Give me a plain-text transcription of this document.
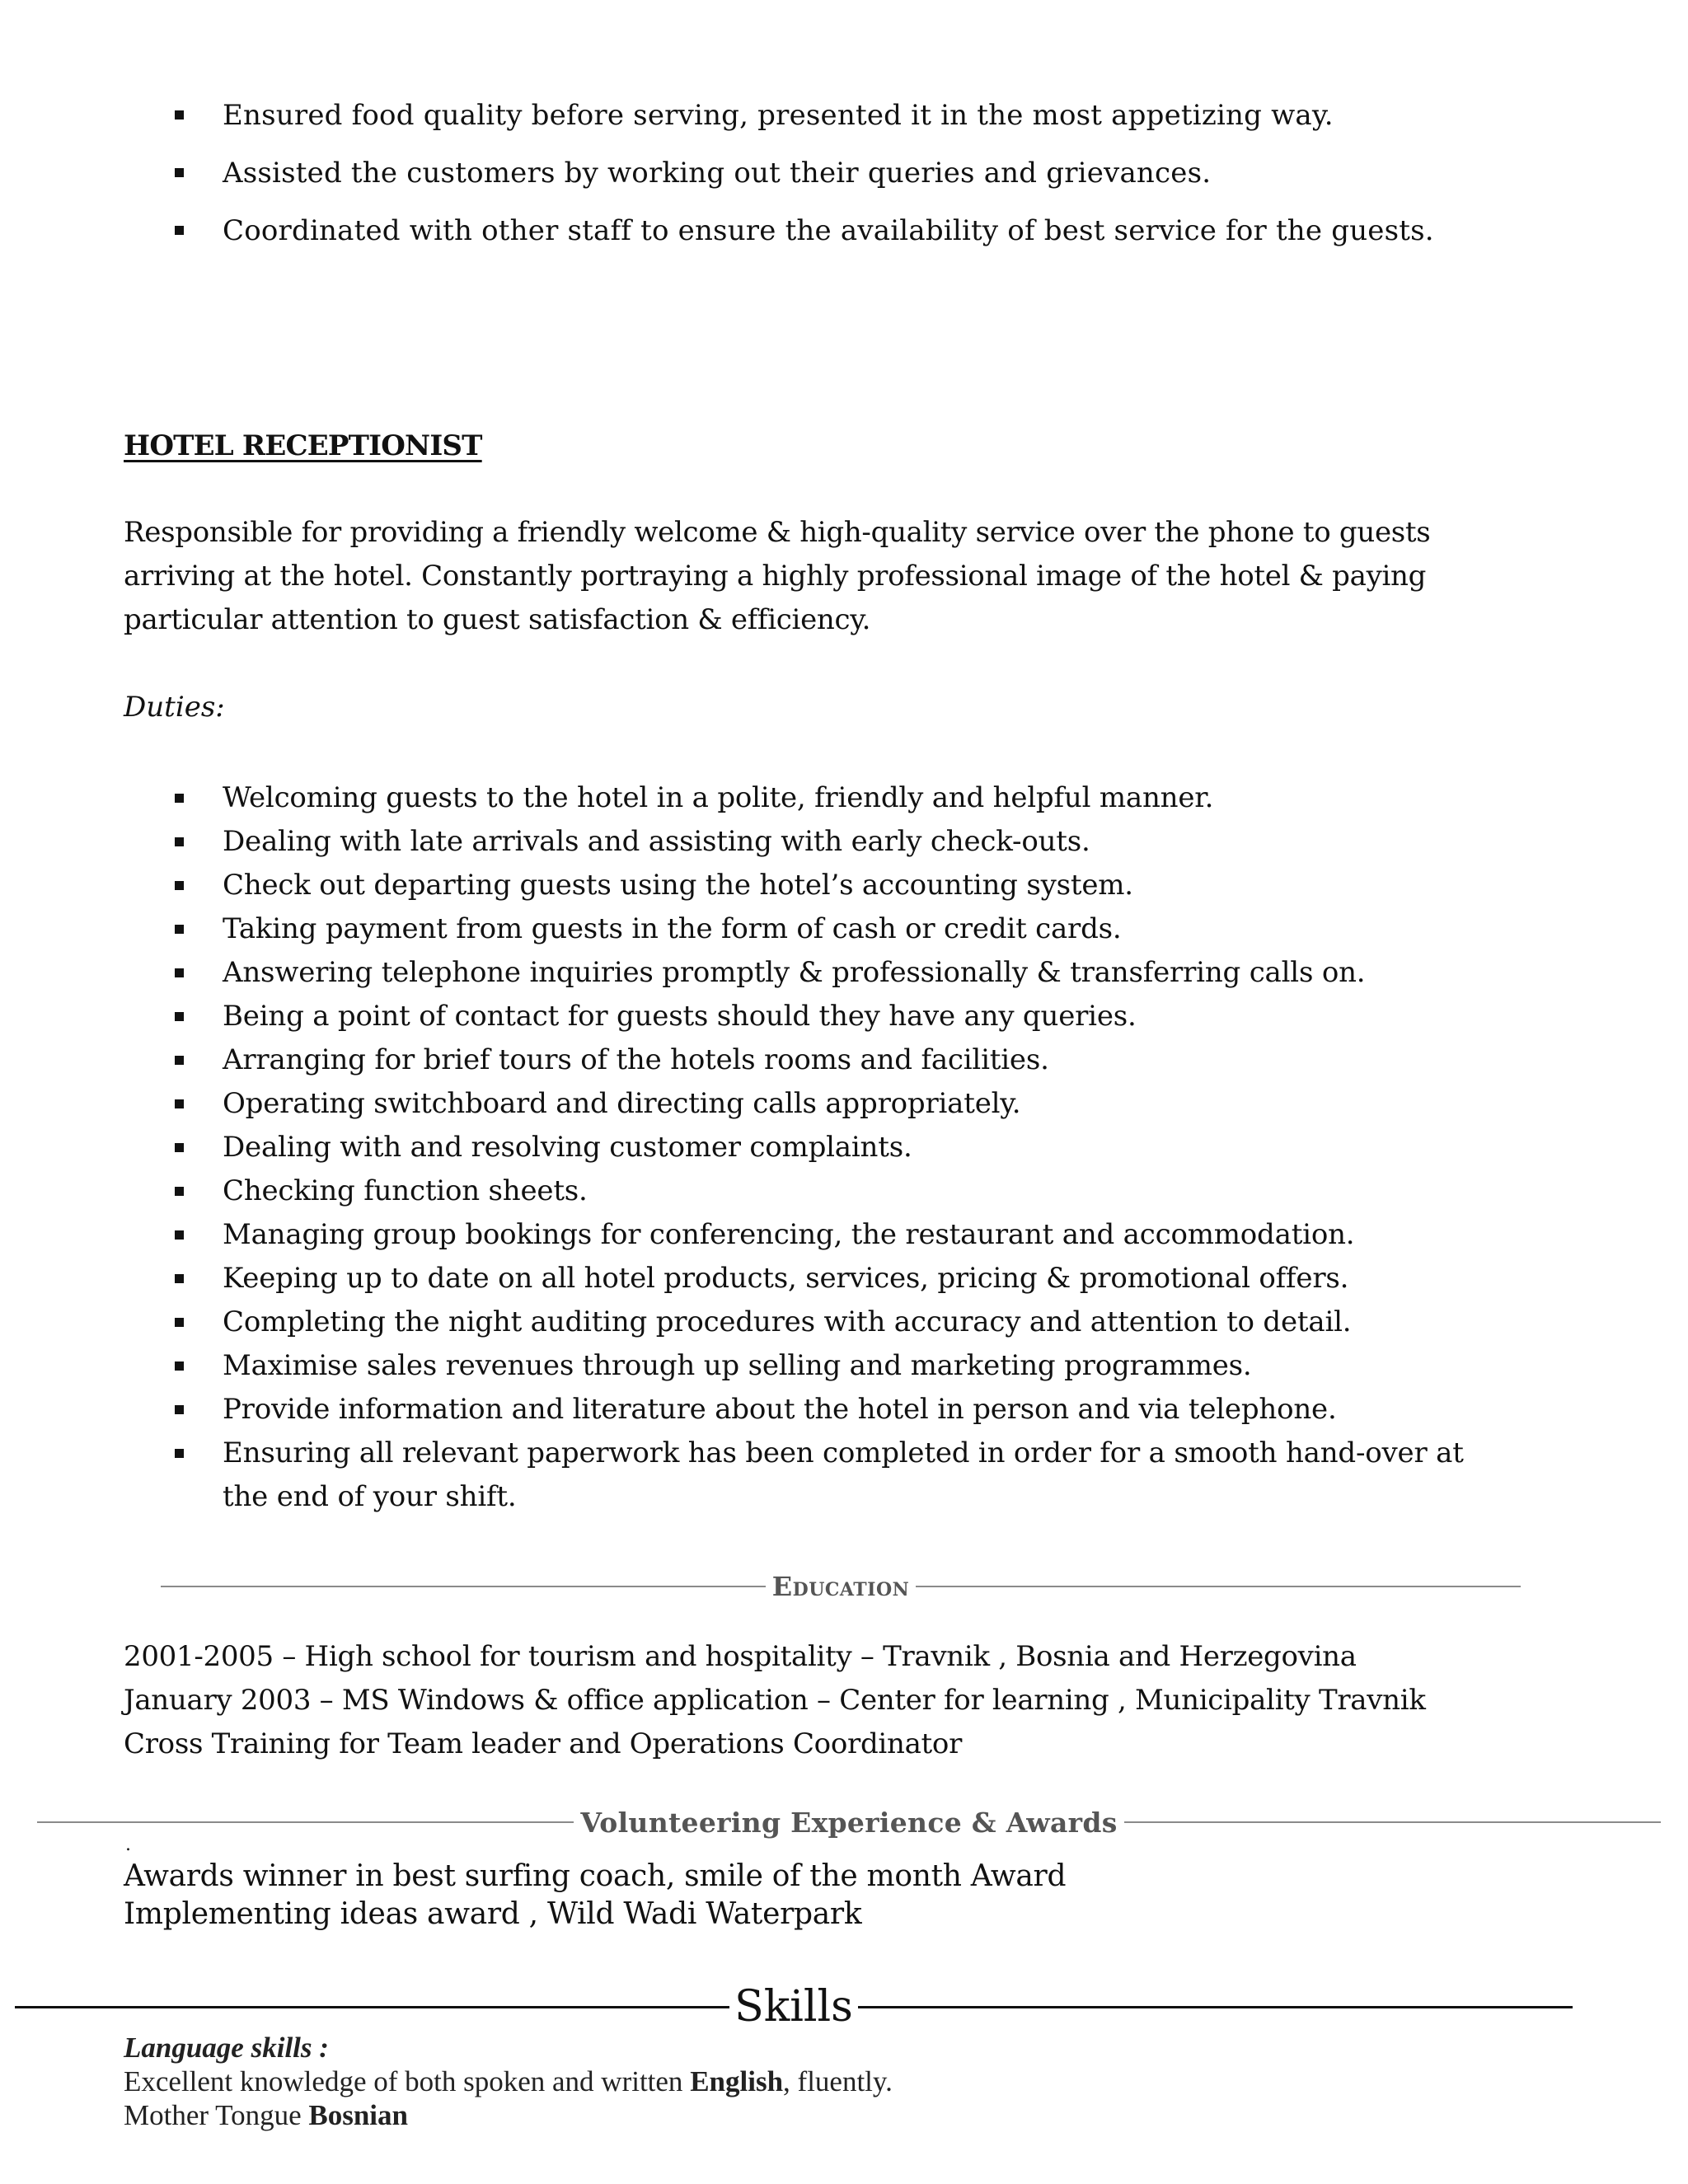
Ensured food quality before serving, presented it in the most appetizing way.
Assisted the customers by working out their queries and grievances.
Coordinated with other staff to ensure the availability of best service for the guests.
HOTEL RECEPTIONIST
Responsible for providing a friendly welcome & high-quality service over the phone to guests
arriving at the hotel. Constantly portraying a highly professional image of the hotel & paying
particular attention to guest satisfaction & efficiency.
Duties:
Welcoming guests to the hotel in a polite, friendly and helpful manner.
Dealing with late arrivals and assisting with early check-outs.
Check out departing guests using the hotel’s accounting system.
Taking payment from guests in the form of cash or credit cards.
Answering telephone inquiries promptly & professionally & transferring calls on.
Being a point of contact for guests should they have any queries.
Arranging for brief tours of the hotels rooms and facilities.
Operating switchboard and directing calls appropriately.
Dealing with and resolving customer complaints.
Checking function sheets.
Managing group bookings for conferencing, the restaurant and accommodation.
Keeping up to date on all hotel products, services, pricing & promotional offers.
Completing the night auditing procedures with accuracy and attention to detail.
Maximise sales revenues through up selling and marketing programmes.
Provide information and literature about the hotel in person and via telephone.
Ensuring all relevant paperwork has been completed in order for a smooth hand-over at
the end of your shift.
Education
2001-2005 – High school for tourism and hospitality – Travnik , Bosnia and Herzegovina
January 2003 – MS Windows & office application – Center for learning , Municipality Travnik
Cross Training for Team leader and Operations Coordinator
Volunteering Experience & Awards
.
Awards winner in best surfing coach, smile of the month Award
Implementing ideas award , Wild Wadi Waterpark
Skills
Language skills :
Excellent knowledge of both spoken and written English, fluently.
Mother Tongue Bosnian
